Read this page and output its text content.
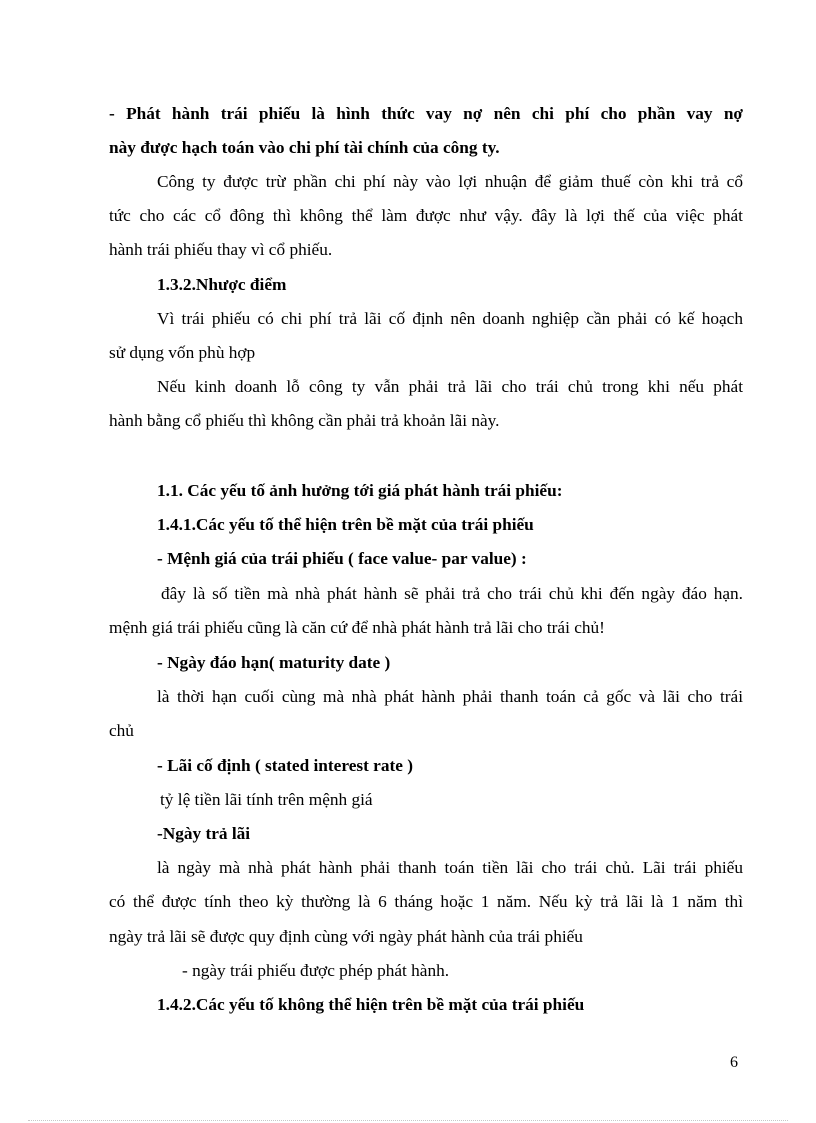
- Phát hành trái phiếu là hình thức vay nợ nên chi phí cho phần vay nợ
này được hạch toán vào chi phí tài chính của công ty.
Công ty được trừ phần chi phí này vào lợi nhuận để giảm thuế còn khi trả cổ
tức cho các cổ đông thì không thể làm được như vậy. đây là lợi thế của việc phát
hành trái phiếu thay vì cổ phiếu.
1.3.2.Nhược điểm
Vì trái phiếu có chi phí trả lãi cố định nên doanh nghiệp cần phải có kế hoạch
sử dụng vốn phù hợp
Nếu kinh doanh lỗ công ty vẫn phải trả lãi cho trái chủ trong khi nếu phát
hành bằng cổ phiếu thì không cần phải trả khoản lãi này.
1.1. Các yếu tố ảnh hưởng tới giá phát hành trái phiếu:
1.4.1.Các yếu tố thể hiện trên bề mặt của trái phiếu
- Mệnh giá của trái phiếu ( face value- par value) :
đây là số tiền mà nhà phát hành sẽ phải trả cho trái chủ khi đến ngày đáo hạn.
mệnh giá trái phiếu cũng là căn cứ để nhà phát hành trả lãi cho trái chủ!
- Ngày đáo hạn( maturity date )
là thời hạn cuối cùng mà nhà phát hành phải thanh toán cả gốc và lãi cho trái
chủ
- Lãi cố định ( stated interest rate )
tỷ lệ tiền lãi tính trên mệnh giá
-Ngày trả lãi
là ngày mà nhà phát hành phải thanh toán tiền lãi cho trái chủ. Lãi trái phiếu
có thể được tính theo kỳ thường là 6 tháng hoặc 1 năm. Nếu kỳ trả lãi là 1 năm thì
ngày trả lãi sẽ được quy định cùng với ngày phát hành của trái phiếu
- ngày trái phiếu được phép phát hành.
1.4.2.Các yếu tố không thể hiện trên bề mặt của trái phiếu
6
